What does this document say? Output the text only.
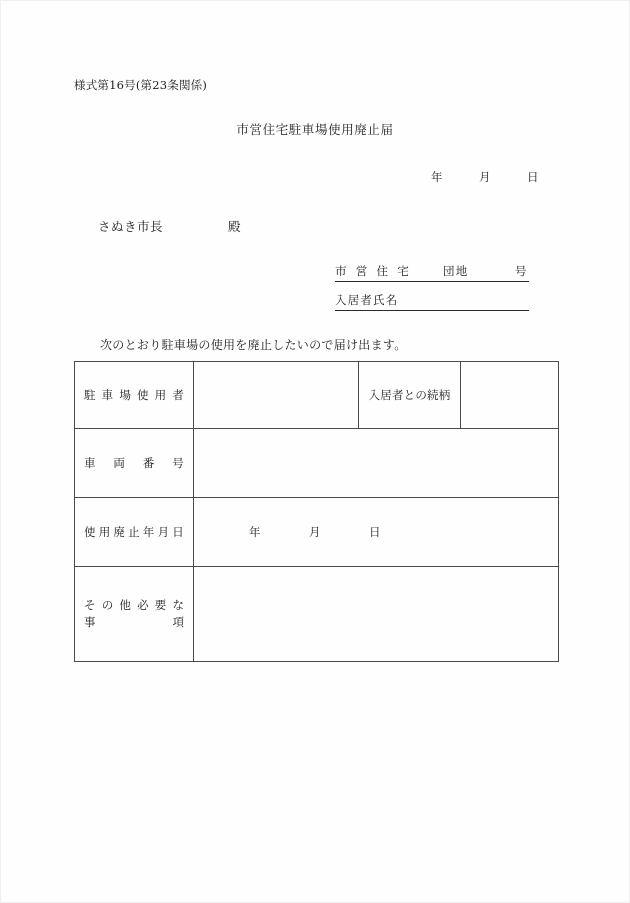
様式第16号(第23条関係)
市営住宅駐車場使用廃止届
年　　　月　　　日
さぬき市長　　　　　殿

市 営 住 宅

	団地

	号

入居者氏名

次のとおり駐車場の使用を廃止したいので届け出ます。
駐車場使用者		入居者との続柄	

車両番号			

使用廃止年月日	年　　　　月　　　　日		

その他必要な
事項			
